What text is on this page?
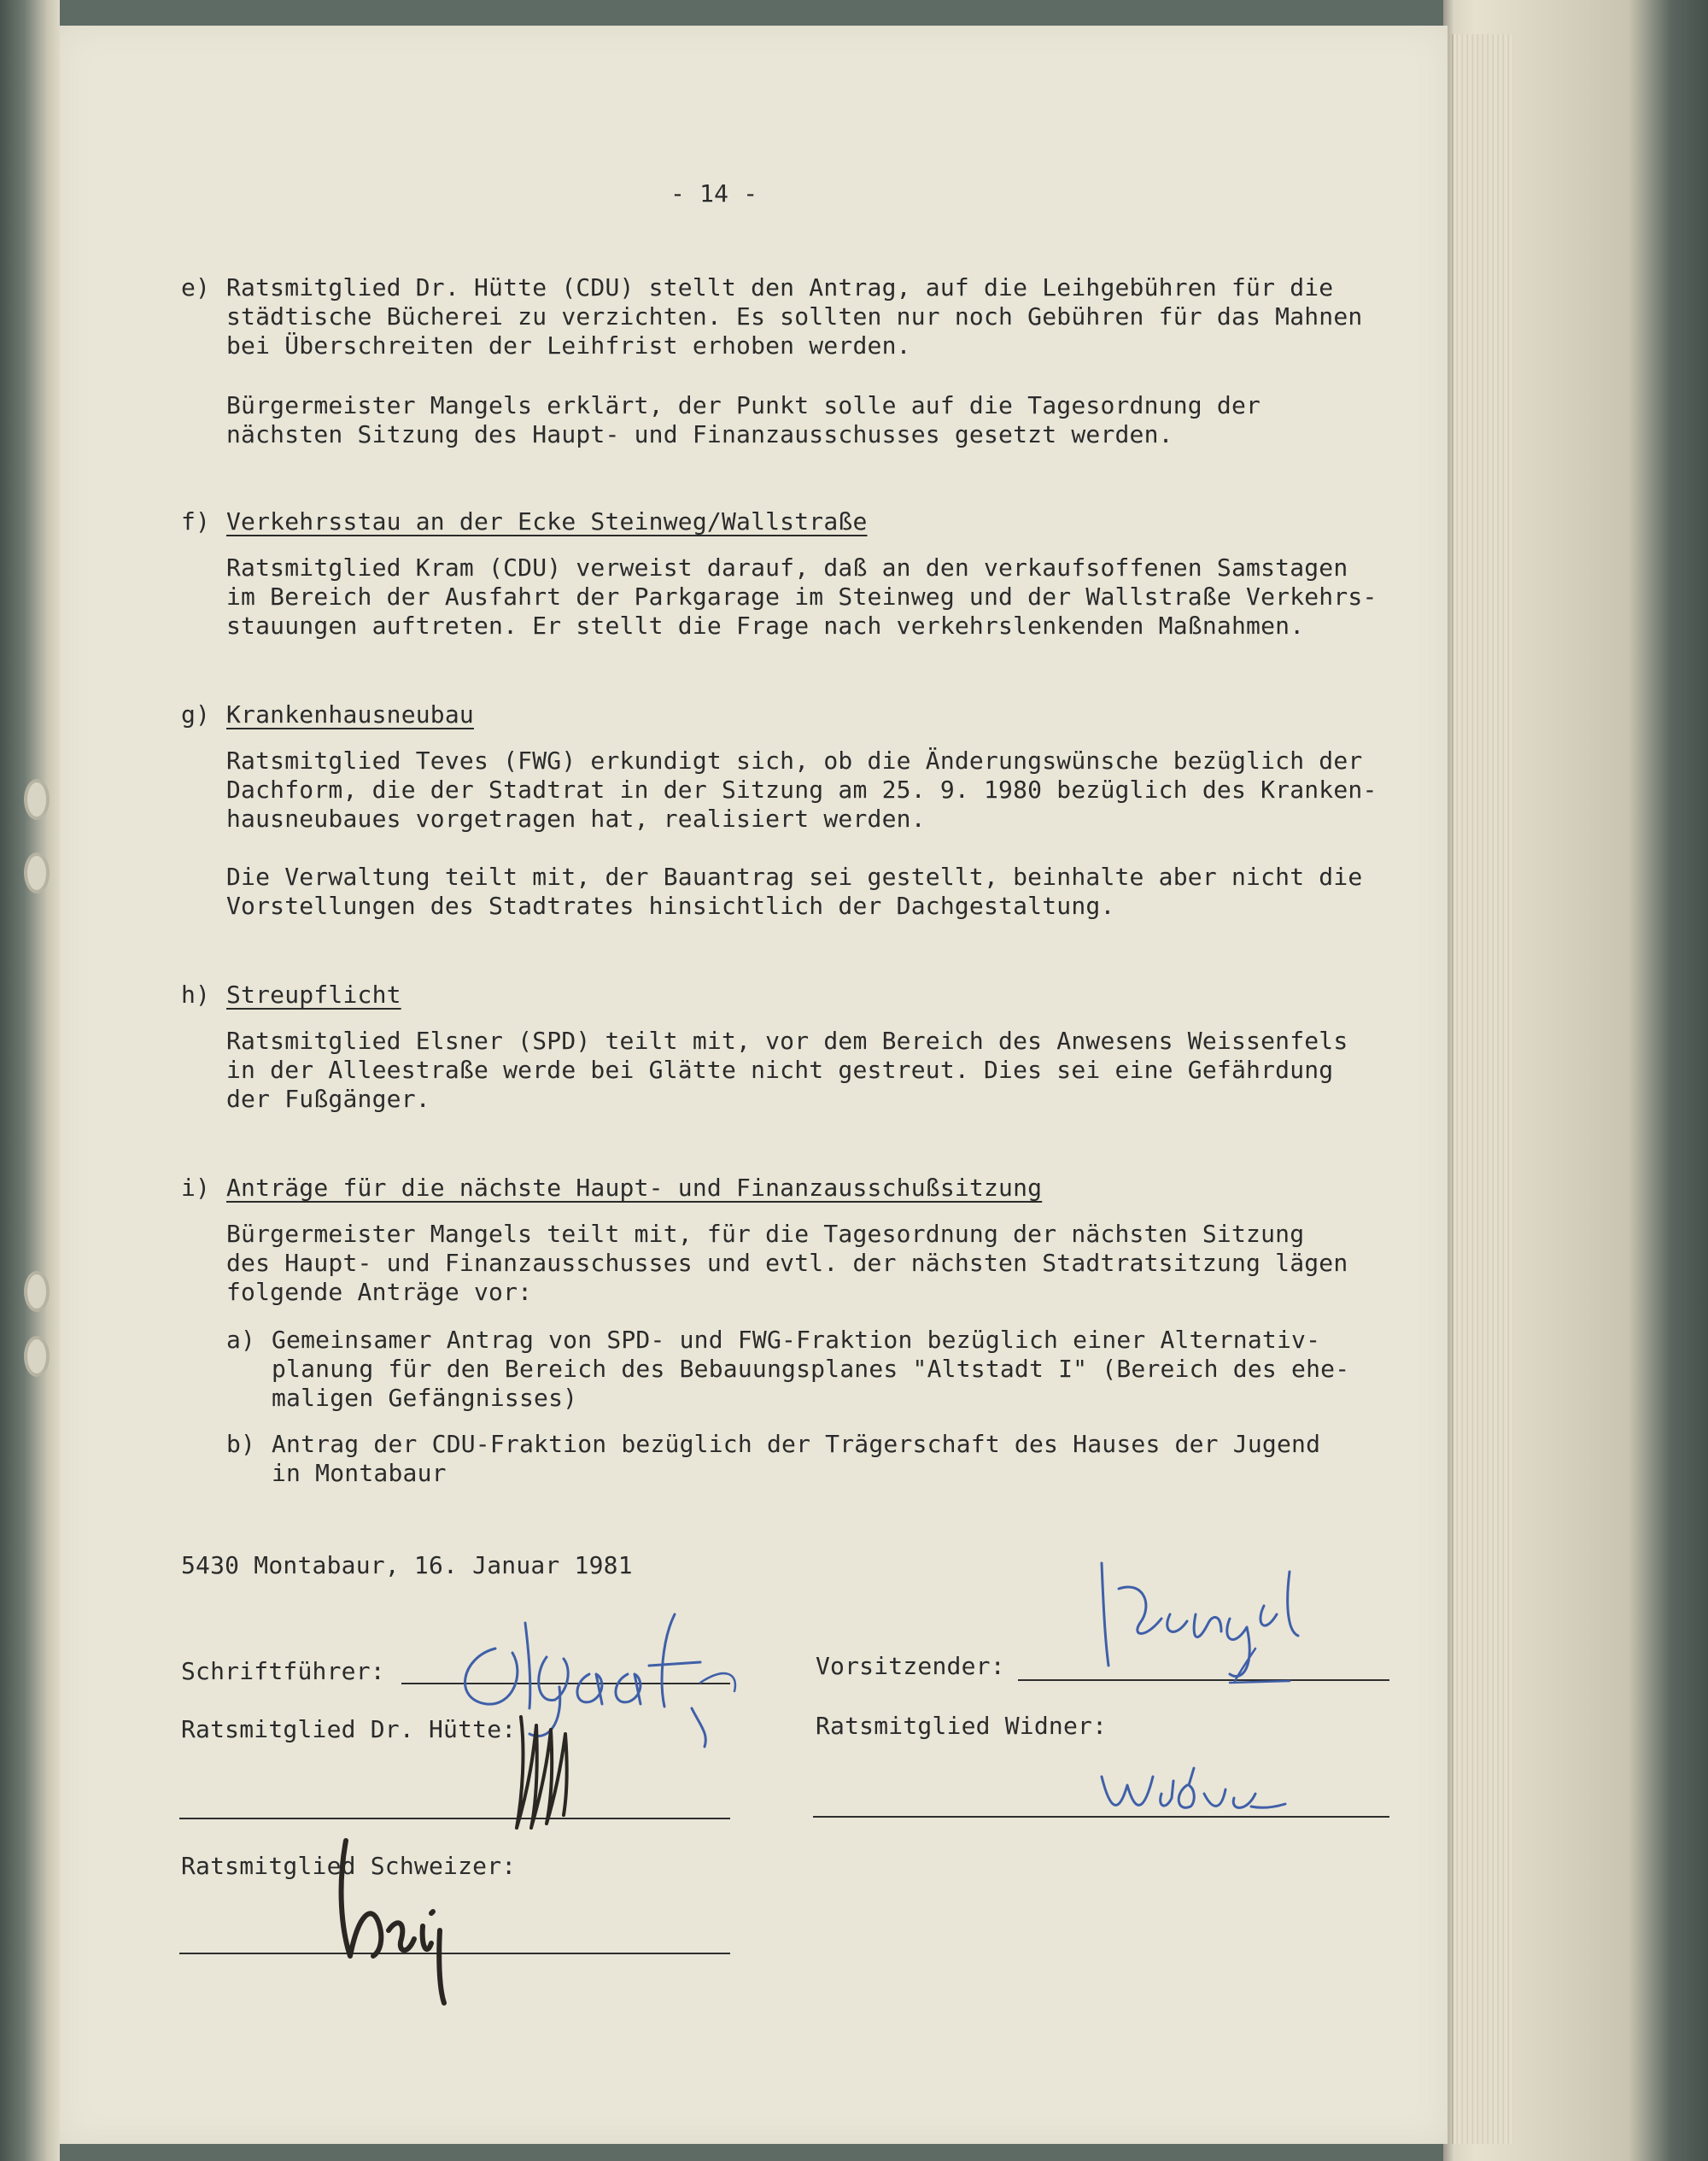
- 14 -
e) Ratsmitglied Dr. Hütte (CDU) stellt den Antrag, auf die Leihgebühren für die
städtische Bücherei zu verzichten. Es sollten nur noch Gebühren für das Mahnen
bei Überschreiten der Leihfrist erhoben werden.
Bürgermeister Mangels erklärt, der Punkt solle auf die Tagesordnung der
nächsten Sitzung des Haupt- und Finanzausschusses gesetzt werden.
f) Verkehrsstau an der Ecke Steinweg/Wallstraße
Ratsmitglied Kram (CDU) verweist darauf, daß an den verkaufsoffenen Samstagen
im Bereich der Ausfahrt der Parkgarage im Steinweg und der Wallstraße Verkehrs-
stauungen auftreten. Er stellt die Frage nach verkehrslenkenden Maßnahmen.
g) Krankenhausneubau
Ratsmitglied Teves (FWG) erkundigt sich, ob die Änderungswünsche bezüglich der
Dachform, die der Stadtrat in der Sitzung am 25. 9. 1980 bezüglich des Kranken-
hausneubaues vorgetragen hat, realisiert werden.
Die Verwaltung teilt mit, der Bauantrag sei gestellt, beinhalte aber nicht die
Vorstellungen des Stadtrates hinsichtlich der Dachgestaltung.
h) Streupflicht
Ratsmitglied Elsner (SPD) teilt mit, vor dem Bereich des Anwesens Weissenfels
in der Alleestraße werde bei Glätte nicht gestreut. Dies sei eine Gefährdung
der Fußgänger.
i) Anträge für die nächste Haupt- und Finanzausschußsitzung
Bürgermeister Mangels teilt mit, für die Tagesordnung der nächsten Sitzung
des Haupt- und Finanzausschusses und evtl. der nächsten Stadtratsitzung lägen
folgende Anträge vor:
a) Gemeinsamer Antrag von SPD- und FWG-Fraktion bezüglich einer Alternativ-
planung für den Bereich des Bebauungsplanes "Altstadt I" (Bereich des ehe-
maligen Gefängnisses)
b) Antrag der CDU-Fraktion bezüglich der Trägerschaft des Hauses der Jugend
in Montabaur
5430 Montabaur, 16. Januar 1981
Schriftführer:	Vorsitzender:
Ratsmitglied Dr. Hütte:	Ratsmitglied Widner:
Ratsmitglied Schweizer:
